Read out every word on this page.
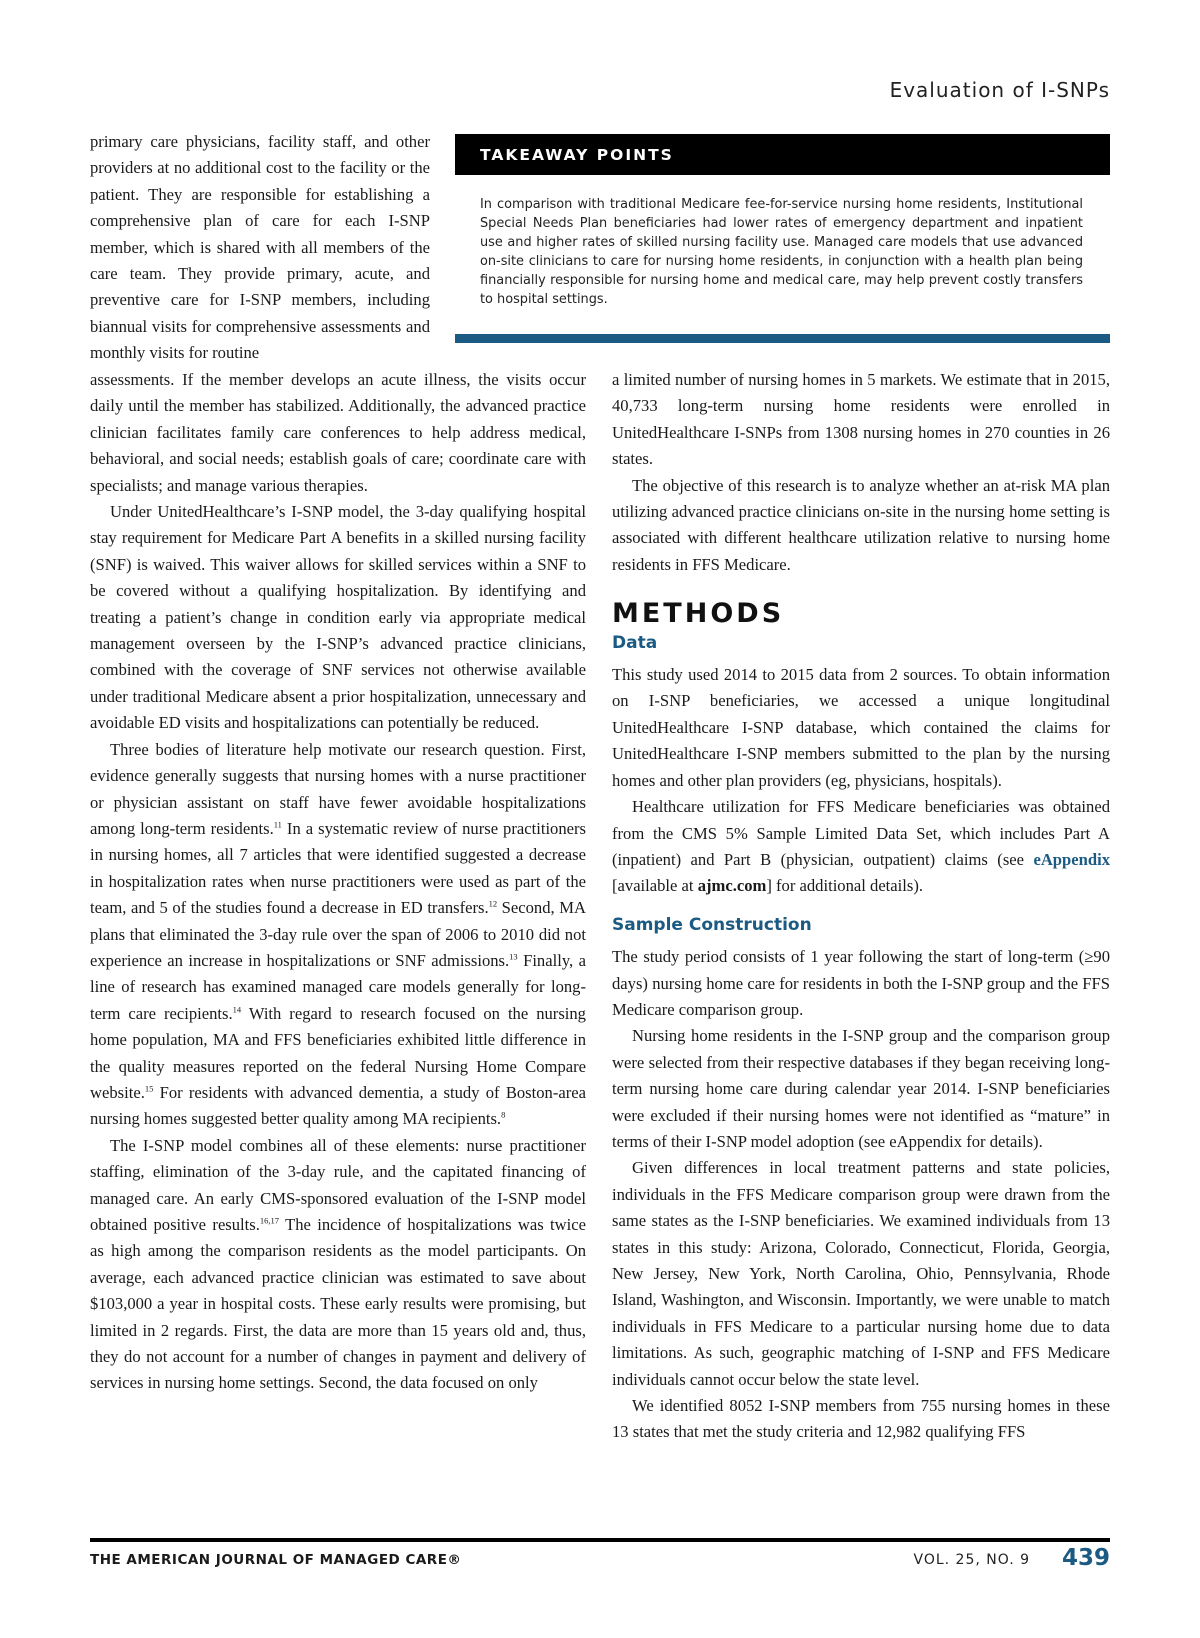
Evaluation of I-SNPs

primary care physicians, facility staff, and other providers at no additional cost to the facility or the patient. They are responsible for establishing a comprehensive plan of care for each I-SNP member, which is shared with all members of the care team. They provide primary, acute, and preventive care for I-SNP members, including biannual visits for comprehensive assessments and monthly visits for routine

TAKEAWAY POINTS
In comparison with traditional Medicare fee-for-service nursing home residents, Institutional Special Needs Plan beneficiaries had lower rates of emergency department and inpatient use and higher rates of skilled nursing facility use. Managed care models that use advanced on-site clinicians to care for nursing home residents, in conjunction with a health plan being financially responsible for nursing home and medical care, may help prevent costly transfers to hospital settings.

assessments. If the member develops an acute illness, the visits occur daily until the member has stabilized. Additionally, the advanced practice clinician facilitates family care conferences to help address medical, behavioral, and social needs; establish goals of care; coordinate care with specialists; and manage various therapies.

Under UnitedHealthcare’s I-SNP model, the 3-day qualifying hospital stay requirement for Medicare Part A benefits in a skilled nursing facility (SNF) is waived. This waiver allows for skilled services within a SNF to be covered without a qualifying hospitalization. By identifying and treating a patient’s change in condition early via appropriate medical management overseen by the I-SNP’s advanced practice clinicians, combined with the coverage of SNF services not otherwise available under traditional Medicare absent a prior hospitalization, unnecessary and avoidable ED visits and hospitalizations can potentially be reduced.

Three bodies of literature help motivate our research question. First, evidence generally suggests that nursing homes with a nurse practitioner or physician assistant on staff have fewer avoidable hospitalizations among long-term residents.$^{11}$ In a systematic review of nurse practitioners in nursing homes, all 7 articles that were identified suggested a decrease in hospitalization rates when nurse practitioners were used as part of the team, and 5 of the studies found a decrease in ED transfers.$^{12}$ Second, MA plans that eliminated the 3-day rule over the span of 2006 to 2010 did not experience an increase in hospitalizations or SNF admissions.$^{13}$ Finally, a line of research has examined managed care models generally for long-term care recipients.$^{14}$ With regard to research focused on the nursing home population, MA and FFS beneficiaries exhibited little difference in the quality measures reported on the federal Nursing Home Compare website.$^{15}$ For residents with advanced dementia, a study of Boston-area nursing homes suggested better quality among MA recipients.$^8$

The I-SNP model combines all of these elements: nurse practitioner staffing, elimination of the 3-day rule, and the capitated financing of managed care. An early CMS-sponsored evaluation of the I-SNP model obtained positive results.$^{16,17}$ The incidence of hospitalizations was twice as high among the comparison residents as the model participants. On average, each advanced practice clinician was estimated to save about $103,000 a year in hospital costs. These early results were promising, but limited in 2 regards. First, the data are more than 15 years old and, thus, they do not account for a number of changes in payment and delivery of services in nursing home settings. Second, the data focused on only

a limited number of nursing homes in 5 markets. We estimate that in 2015, 40,733 long-term nursing home residents were enrolled in UnitedHealthcare I-SNPs from 1308 nursing homes in 270 counties in 26 states.

The objective of this research is to analyze whether an at-risk MA plan utilizing advanced practice clinicians on-site in the nursing home setting is associated with different healthcare utilization relative to nursing home residents in FFS Medicare.

METHODS
Data

This study used 2014 to 2015 data from 2 sources. To obtain information on I-SNP beneficiaries, we accessed a unique longitudinal UnitedHealthcare I-SNP database, which contained the claims for UnitedHealthcare I-SNP members submitted to the plan by the nursing homes and other plan providers (eg, physicians, hospitals).

Healthcare utilization for FFS Medicare beneficiaries was obtained from the CMS 5% Sample Limited Data Set, which includes Part A (inpatient) and Part B (physician, outpatient) claims (see eAppendix [available at ajmc.com] for additional details).

Sample Construction

The study period consists of 1 year following the start of long-term (≥90 days) nursing home care for residents in both the I-SNP group and the FFS Medicare comparison group.

Nursing home residents in the I-SNP group and the comparison group were selected from their respective databases if they began receiving long-term nursing home care during calendar year 2014. I-SNP beneficiaries were excluded if their nursing homes were not identified as “mature” in terms of their I-SNP model adoption (see eAppendix for details).

Given differences in local treatment patterns and state policies, individuals in the FFS Medicare comparison group were drawn from the same states as the I-SNP beneficiaries. We examined individuals from 13 states in this study: Arizona, Colorado, Connecticut, Florida, Georgia, New Jersey, New York, North Carolina, Ohio, Pennsylvania, Rhode Island, Washington, and Wisconsin. Importantly, we were unable to match individuals in FFS Medicare to a particular nursing home due to data limitations. As such, geographic matching of I-SNP and FFS Medicare individuals cannot occur below the state level.

We identified 8052 I-SNP members from 755 nursing homes in these 13 states that met the study criteria and 12,982 qualifying FFS

THE AMERICAN JOURNAL OF MANAGED CARE®	VOL. 25, NO. 9 439
